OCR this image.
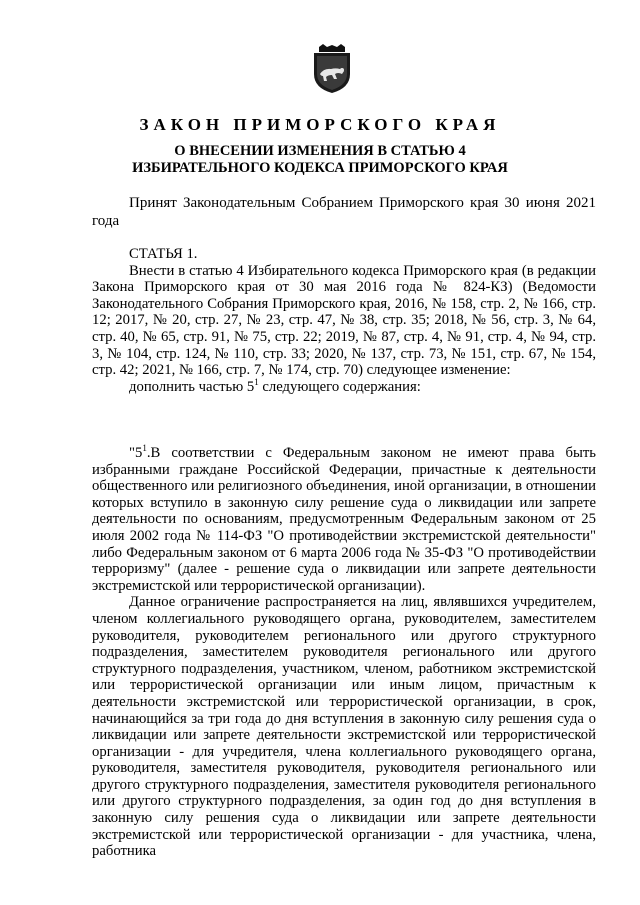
ЗАКОН ПРИМОРСКОГО КРАЯ
О ВНЕСЕНИИ ИЗМЕНЕНИЯ В СТАТЬЮ 4
ИЗБИРАТЕЛЬНОГО КОДЕКСА ПРИМОРСКОГО КРАЯ

Принят Законодательным Собранием Приморского края 30 июня 2021 года

СТАТЬЯ 1.

Внести в статью 4 Избирательного кодекса Приморского края (в редакции Закона Приморского края от 30 мая 2016 года № 824-КЗ) (Ведомости Законодательного Собрания Приморского края, 2016, № 158, стр. 2, № 166, стр. 12; 2017, № 20, стр. 27, № 23, стр. 47, № 38, стр. 35; 2018, № 56, стр. 3, № 64, стр. 40, № 65, стр. 91, № 75, стр. 22; 2019, № 87, стр. 4, № 91, стр. 4, № 94, стр. 3, № 104, стр. 124, № 110, стр. 33; 2020, № 137, стр. 73, № 151, стр. 67, № 154, стр. 42; 2021, № 166, стр. 7, № 174, стр. 70) следующее изменение:

дополнить частью $5^1$ следующего содержания:

"$5^1.В$ соответствии с Федеральным законом не имеют права быть избранными граждане Российской Федерации, причастные к деятельности общественного или религиозного объединения, иной организации, в отношении которых вступило в законную силу решение суда о ликвидации или запрете деятельности по основаниям, предусмотренным Федеральным законом от 25 июля 2002 года № 114-ФЗ "О противодействии экстремистской деятельности" либо Федеральным законом от 6 марта 2006 года № 35-ФЗ "О противодействии терроризму" (далее - решение суда о ликвидации или запрете деятельности экстремистской или террористической организации).

Данное ограничение распространяется на лиц, являвшихся учредителем, членом коллегиального руководящего органа, руководителем, заместителем руководителя, руководителем регионального или другого структурного подразделения, заместителем руководителя регионального или другого структурного подразделения, участником, членом, работником экстремистской или террористической организации или иным лицом, причастным к деятельности экстремистской или террористической организации, в срок, начинающийся за три года до дня вступления в законную силу решения суда о ликвидации или запрете деятельности экстремистской или террористической организации - для учредителя, члена коллегиального руководящего органа, руководителя, заместителя руководителя, руководителя регионального или другого структурного подразделения, заместителя руководителя регионального или другого структурного подразделения, за один год до дня вступления в законную силу решения суда о ликвидации или запрете деятельности экстремистской или террористической организации - для участника, члена, работника
